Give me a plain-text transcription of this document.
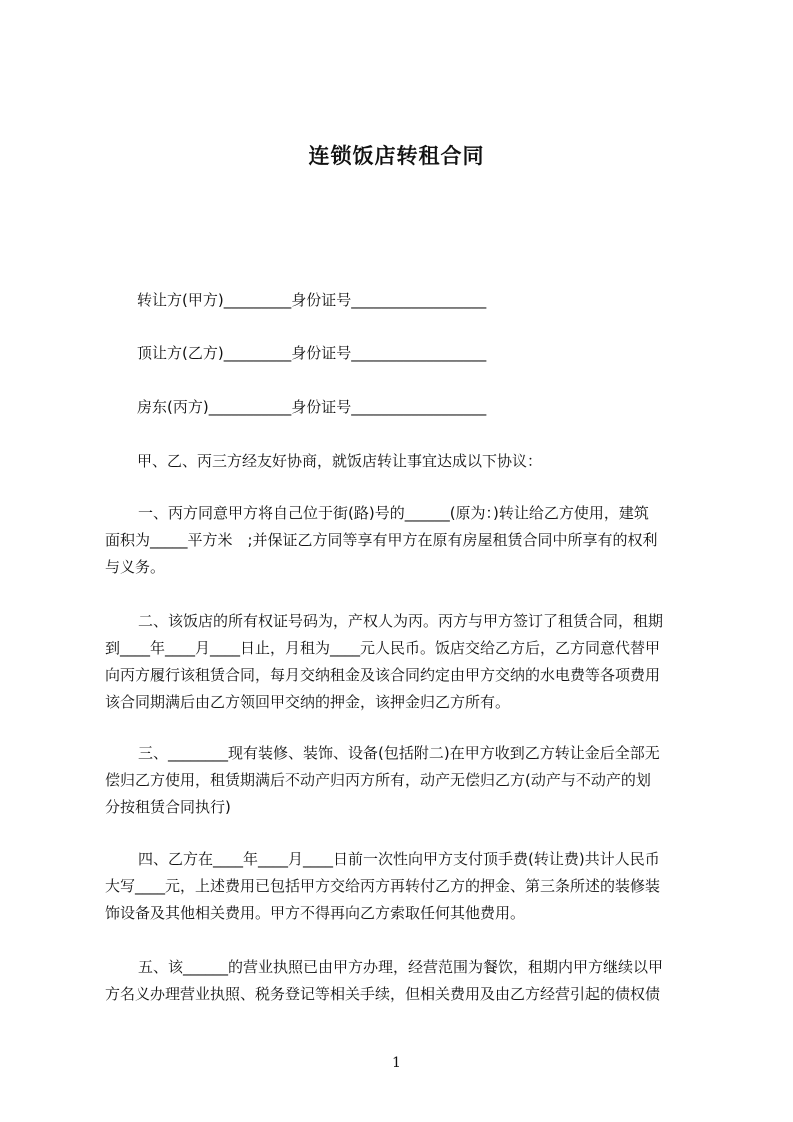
连锁饭店转租合同
转让方(甲方)_________身份证号__________________
顶让方(乙方)_________身份证号__________________
房东(丙方)___________身份证号__________________
甲、乙、丙三方经友好协商，就饭店转让事宜达成以下协议：
一、丙方同意甲方将自己位于街(路)号的______(原为：)转让给乙方使用，建筑
面积为_____平方米　;并保证乙方同等享有甲方在原有房屋租赁合同中所享有的权利
与义务。
二、该饭店的所有权证号码为，产权人为丙。丙方与甲方签订了租赁合同，租期
到____年____月____日止，月租为____元人民币。饭店交给乙方后，乙方同意代替甲
向丙方履行该租赁合同，每月交纳租金及该合同约定由甲方交纳的水电费等各项费用
该合同期满后由乙方领回甲交纳的押金，该押金归乙方所有。
三、________现有装修、装饰、设备(包括附二)在甲方收到乙方转让金后全部无
偿归乙方使用，租赁期满后不动产归丙方所有，动产无偿归乙方(动产与不动产的划
分按租赁合同执行)
四、乙方在____年____月____日前一次性向甲方支付顶手费(转让费)共计人民币
大写____元，上述费用已包括甲方交给丙方再转付乙方的押金、第三条所述的装修装
饰设备及其他相关费用。甲方不得再向乙方索取任何其他费用。
五、该______的营业执照已由甲方办理，经营范围为餐饮，租期内甲方继续以甲
方名义办理营业执照、税务登记等相关手续，但相关费用及由乙方经营引起的债权债
1
